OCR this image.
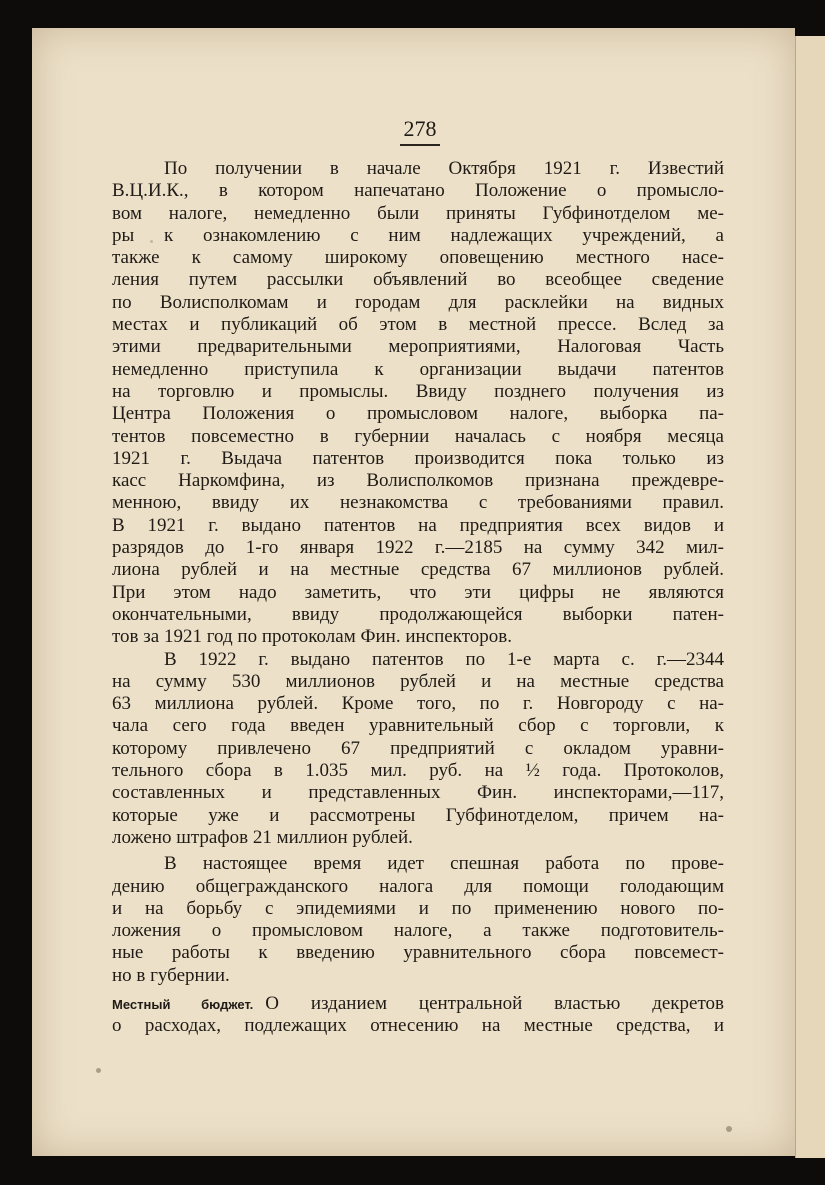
278
По получении в начале Октября 1921 г. Известий
В.Ц.И.К., в котором напечатано Положение о промысло-
вом налоге, немедленно были приняты Губфинотделом ме-
ры к ознакомлению с ним надлежащих учреждений, а
также к самому широкому оповещению местного насе-
ления путем рассылки объявлений во всеобщее сведение
по Волисполкомам и городам для расклейки на видных
местах и публикаций об этом в местной прессе. Вслед за
этими предварительными мероприятиями, Налоговая Часть
немедленно приступила к организации выдачи патентов
на торговлю и промыслы. Ввиду позднего получения из
Центра Положения о промысловом налоге, выборка па-
тентов повсеместно в губернии началась с ноября месяца
1921 г. Выдача патентов производится пока только из
касс Наркомфина, из Волисполкомов признана преждевре-
менною, ввиду их незнакомства с требованиями правил.
В 1921 г. выдано патентов на предприятия всех видов и
разрядов до 1-го января 1922 г.—2185 на сумму 342 мил-
лиона рублей и на местные средства 67 миллионов рублей.
При этом надо заметить, что эти цифры не являются
окончательными, ввиду продолжающейся выборки патен-
тов за 1921 год по протоколам Фин. инспекторов.
В 1922 г. выдано патентов по 1-е марта с. г.—2344
на сумму 530 миллионов рублей и на местные средства
63 миллиона рублей. Кроме того, по г. Новгороду с на-
чала сего года введен уравнительный сбор с торговли, к
которому привлечено 67 предприятий с окладом уравни-
тельного сбора в 1.035 мил. руб. на ½ года. Протоколов,
составленных и представленных Фин. инспекторами,—117,
которые уже и рассмотрены Губфинотделом, причем на-
ложено штрафов 21 миллион рублей.
В настоящее время идет спешная работа по прове-
дению общегражданского налога для помощи голодающим
и на борьбу с эпидемиями и по применению нового по-
ложения о промысловом налоге, а также подготовитель-
ные работы к введению уравнительного сбора повсемест-
но в губернии.
Местный бюджет. О изданием центральной властью декретов
о расходах, подлежащих отнесению на местные средства, и
